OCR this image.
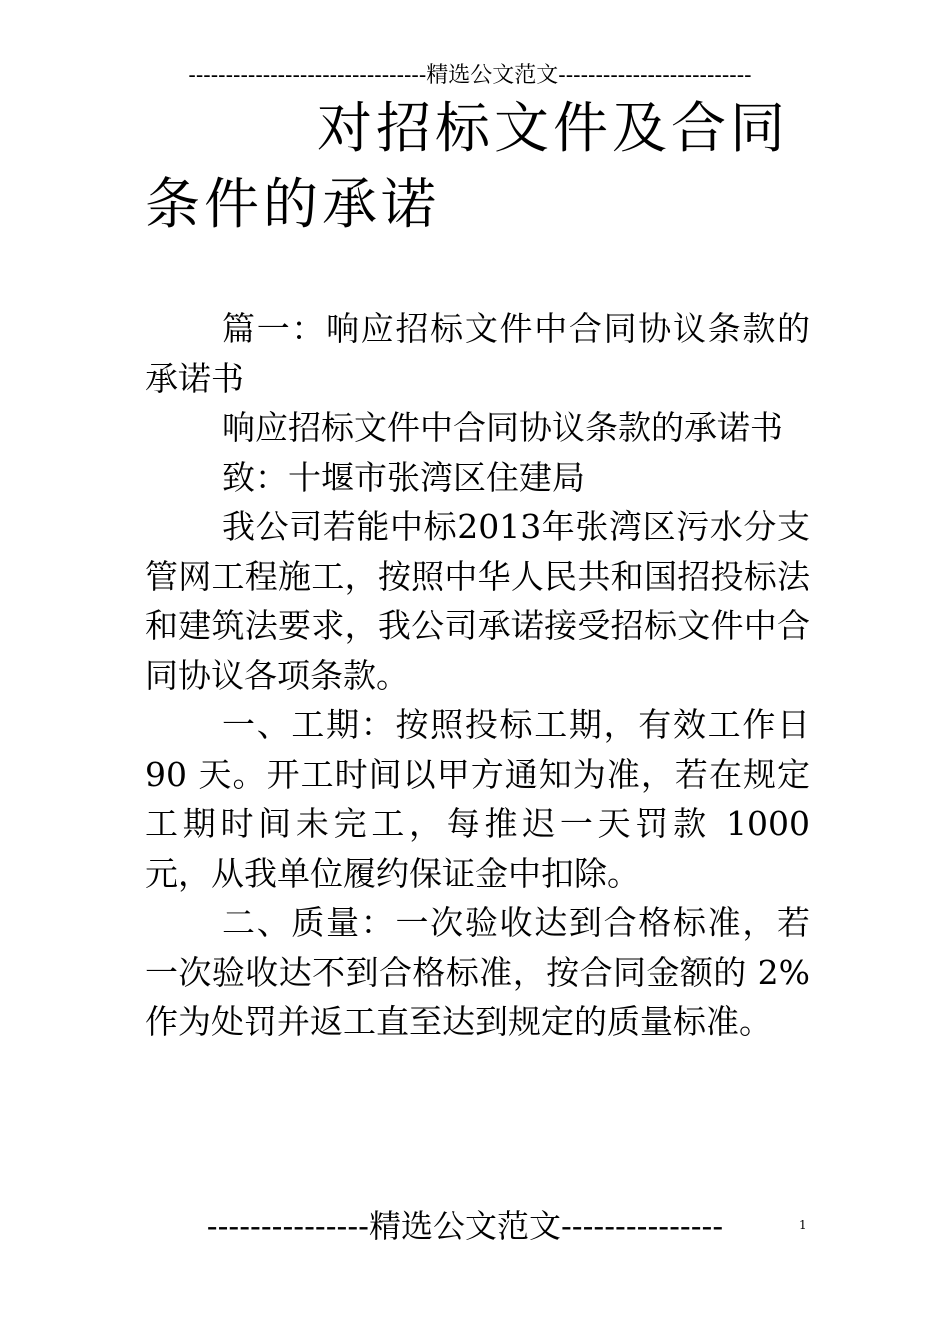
--------------------------------精选公文范文--------------------------
对招标文件及合同
条件的承诺

篇一：响应招标文件中合同协议条款的承诺书

响应招标文件中合同协议条款的承诺书

致：十堰市张湾区住建局

我公司若能中标2013年张湾区污水分支管网工程施工，按照中华人民共和国招投标法和建筑法要求，我公司承诺接受招标文件中合同协议各项条款。

一、工期：按照投标工期，有效工作日 90 天。开工时间以甲方通知为准，若在规定工期时间未完工，每推迟一天罚款 1000 元，从我单位履约保证金中扣除。

二、质量：一次验收达到合格标准，若一次验收达不到合格标准，按合同金额的 2%作为处罚并返工直至达到规定的质量标准。

---------------精选公文范文---------------	1
